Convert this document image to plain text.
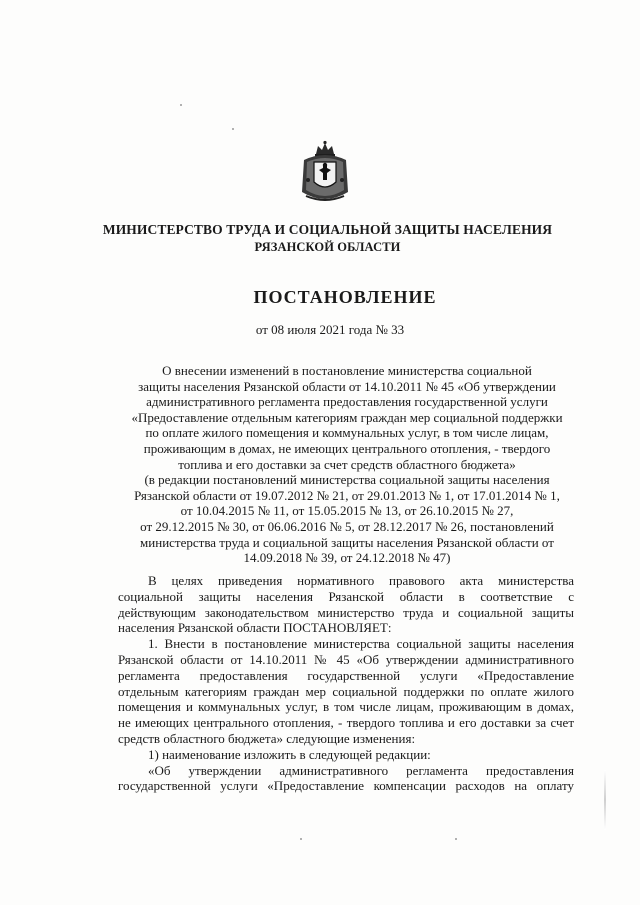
МИНИСТЕРСТВО ТРУДА И СОЦИАЛЬНОЙ ЗАЩИТЫ НАСЕЛЕНИЯ
РЯЗАНСКОЙ ОБЛАСТИ
ПОСТАНОВЛЕНИЕ
от 08 июля 2021 года № 33
О внесении изменений в постановление министерства социальной
защиты населения Рязанской области от 14.10.2011 № 45 «Об утверждении
административного регламента предоставления государственной услуги
«Предоставление отдельным категориям граждан мер социальной поддержки
по оплате жилого помещения и коммунальных услуг, в том числе лицам,
проживающим в домах, не имеющих центрального отопления, - твердого
топлива и его доставки за счет средств областного бюджета»
(в редакции постановлений министерства социальной защиты населения
Рязанской области от 19.07.2012 № 21, от 29.01.2013 № 1, от 17.01.2014 № 1,
от 10.04.2015 № 11, от 15.05.2015 № 13, от 26.10.2015 № 27,
от 29.12.2015 № 30, от 06.06.2016 № 5, от 28.12.2017 № 26, постановлений
министерства труда и социальной защиты населения Рязанской области от
14.09.2018 № 39, от 24.12.2018 № 47)
В целях приведения нормативного правового акта министерства
социальной защиты населения Рязанской области в соответствие с
действующим законодательством министерство труда и социальной защиты
населения Рязанской области ПОСТАНОВЛЯЕТ:
1. Внести в постановление министерства социальной защиты населения
Рязанской области от 14.10.2011 № 45 «Об утверждении административного
регламента предоставления государственной услуги «Предоставление
отдельным категориям граждан мер социальной поддержки по оплате жилого
помещения и коммунальных услуг, в том числе лицам, проживающим в домах,
не имеющих центрального отопления, - твердого топлива и его доставки за счет
средств областного бюджета» следующие изменения:
1) наименование изложить в следующей редакции:
«Об утверждении административного регламента предоставления
государственной услуги «Предоставление компенсации расходов на оплату
